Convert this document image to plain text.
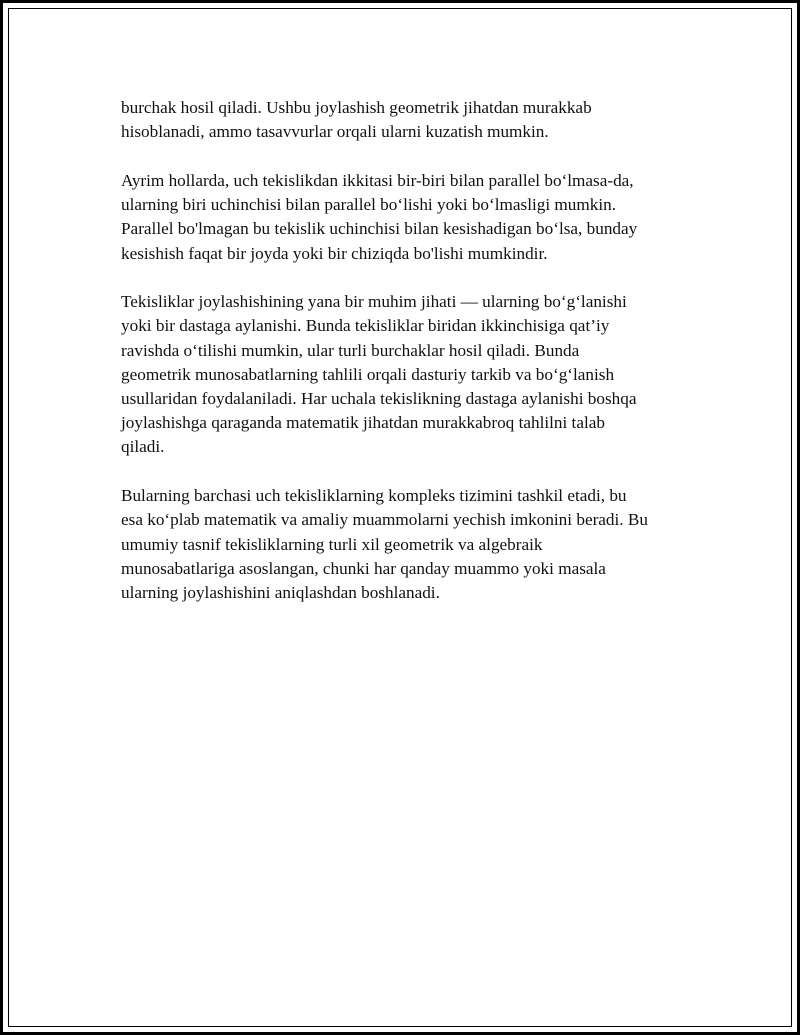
burchak hosil qiladi. Ushbu joylashish geometrik jihatdan murakkab
hisoblanadi, ammo tasavvurlar orqali ularni kuzatish mumkin.

Ayrim hollarda, uch tekislikdan ikkitasi bir-biri bilan parallel bo‘lmasa-da,
ularning biri uchinchisi bilan parallel bo‘lishi yoki bo‘lmasligi mumkin.
Parallel bo'lmagan bu tekislik uchinchisi bilan kesishadigan bo‘lsa, bunday
kesishish faqat bir joyda yoki bir chiziqda bo'lishi mumkindir.

Tekisliklar joylashishining yana bir muhim jihati — ularning bo‘g‘lanishi
yoki bir dastaga aylanishi. Bunda tekisliklar biridan ikkinchisiga qat’iy
ravishda o‘tilishi mumkin, ular turli burchaklar hosil qiladi. Bunda
geometrik munosabatlarning tahlili orqali dasturiy tarkib va bo‘g‘lanish
usullaridan foydalaniladi. Har uchala tekislikning dastaga aylanishi boshqa
joylashishga qaraganda matematik jihatdan murakkabroq tahlilni talab
qiladi.

Bularning barchasi uch tekisliklarning kompleks tizimini tashkil etadi, bu
esa ko‘plab matematik va amaliy muammolarni yechish imkonini beradi. Bu
umumiy tasnif tekisliklarning turli xil geometrik va algebraik
munosabatlariga asoslangan, chunki har qanday muammo yoki masala
ularning joylashishini aniqlashdan boshlanadi.
